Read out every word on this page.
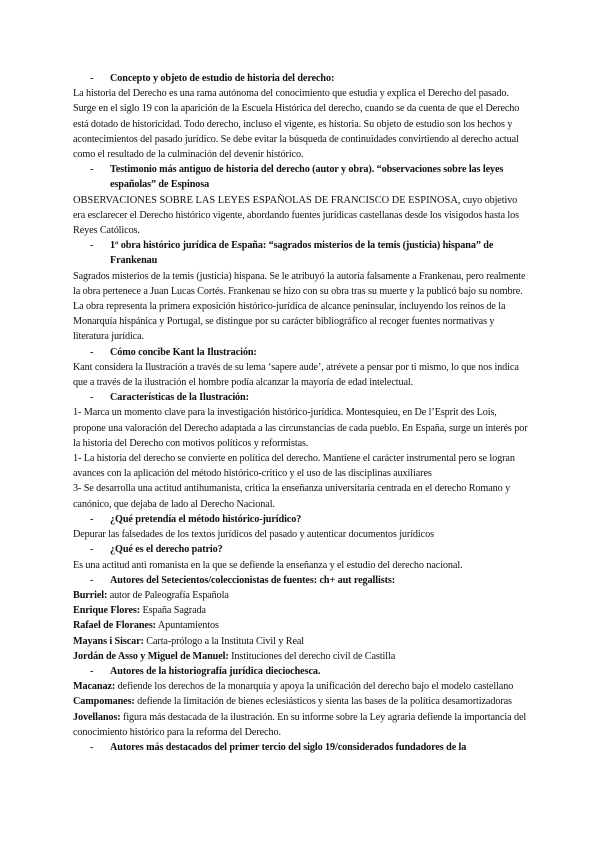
-	Concepto y objeto de estudio de historia del derecho:

La historia del Derecho es una rama autónoma del conocimiento que estudia y explica el Derecho del pasado. Surge en el siglo 19 con la aparición de la Escuela Histórica del derecho, cuando se da cuenta de que el Derecho está dotado de historicidad. Todo derecho, incluso el vigente, es historia. Su objeto de estudio son los hechos y acontecimientos del pasado jurídico. Se debe evitar la búsqueda de continuidades convirtiendo al derecho actual como el resultado de la culminación del devenir histórico.

-	Testimonio más antiguo de historia del derecho (autor y obra). “observaciones sobre las leyes españolas” de Espinosa

OBSERVACIONES SOBRE LAS LEYES ESPAÑOLAS DE FRANCISCO DE ESPINOSA, cuyo objetivo era esclarecer el Derecho histórico vigente, abordando fuentes jurídicas castellanas desde los visigodos hasta los Reyes Católicos.

-	1º obra histórico jurídica de España: “sagrados misterios de la temis (justicia) hispana” de Frankenau

Sagrados misterios de la temis (justicia) hispana. Se le atribuyó la autoría falsamente a Frankenau, pero realmente la obra pertenece a Juan Lucas Cortés. Frankenau se hizo con su obra tras su muerte y la publicó bajo su nombre. La obra representa la primera exposición histórico-jurídica de alcance peninsular, incluyendo los reinos de la Monarquía hispánica y Portugal, se distingue por su carácter bibliográfico al recoger fuentes normativas y literatura jurídica.

-	Cómo concibe Kant la Ilustración:

Kant considera la Ilustración a través de su lema ‘sapere aude’, atrévete a pensar por ti mismo, lo que nos indica que a través de la ilustración el hombre podía alcanzar la mayoría de edad intelectual.

-	Características de la Ilustración:

1- Marca un momento clave para la investigación histórico-jurídica. Montesquieu, en De l’Esprit des Lois, propone una valoración del Derecho adaptada a las circunstancias de cada pueblo. En España, surge un interés por la historia del Derecho con motivos políticos y reformistas.

1- La historia del derecho se convierte en política del derecho. Mantiene el carácter instrumental pero se logran avances con la aplicación del método histórico-crítico y el uso de las disciplinas auxiliares

3- Se desarrolla una actitud antihumanista, critica la enseñanza universitaria centrada en el derecho Romano y canónico, que dejaba de lado al Derecho Nacional.

-	¿Qué pretendía el método histórico-jurídico?

Depurar las falsedades de los textos jurídicos del pasado y autenticar documentos jurídicos

-	¿Qué es el derecho patrio?

Es una actitud anti romanista en la que se defiende la enseñanza y el estudio del derecho nacional.

-	Autores del Setecientos/coleccionistas de fuentes: ch+ aut regallists:

Burriel: autor de Paleografía Española

Enrique Flores: España Sagrada

Rafael de Floranes: Apuntamientos

Mayans i Siscar: Carta-prólogo a la Instituta Civil y Real

Jordán de Asso y Miguel de Manuel: Instituciones del derecho civil de Castilla

-	Autores de la historiografía jurídica dieciochesca.

Macanaz: defiende los derechos de la monarquía y apoya la unificación del derecho bajo el modelo castellano

Campomanes: defiende la limitación de bienes eclesiásticos y sienta las bases de la política desamortizadoras

Jovellanos: figura más destacada de la ilustración. En su informe sobre la Ley agraria defiende la importancia del conocimiento histórico para la reforma del Derecho.

-	Autores más destacados del primer tercio del siglo 19/considerados fundadores de la
